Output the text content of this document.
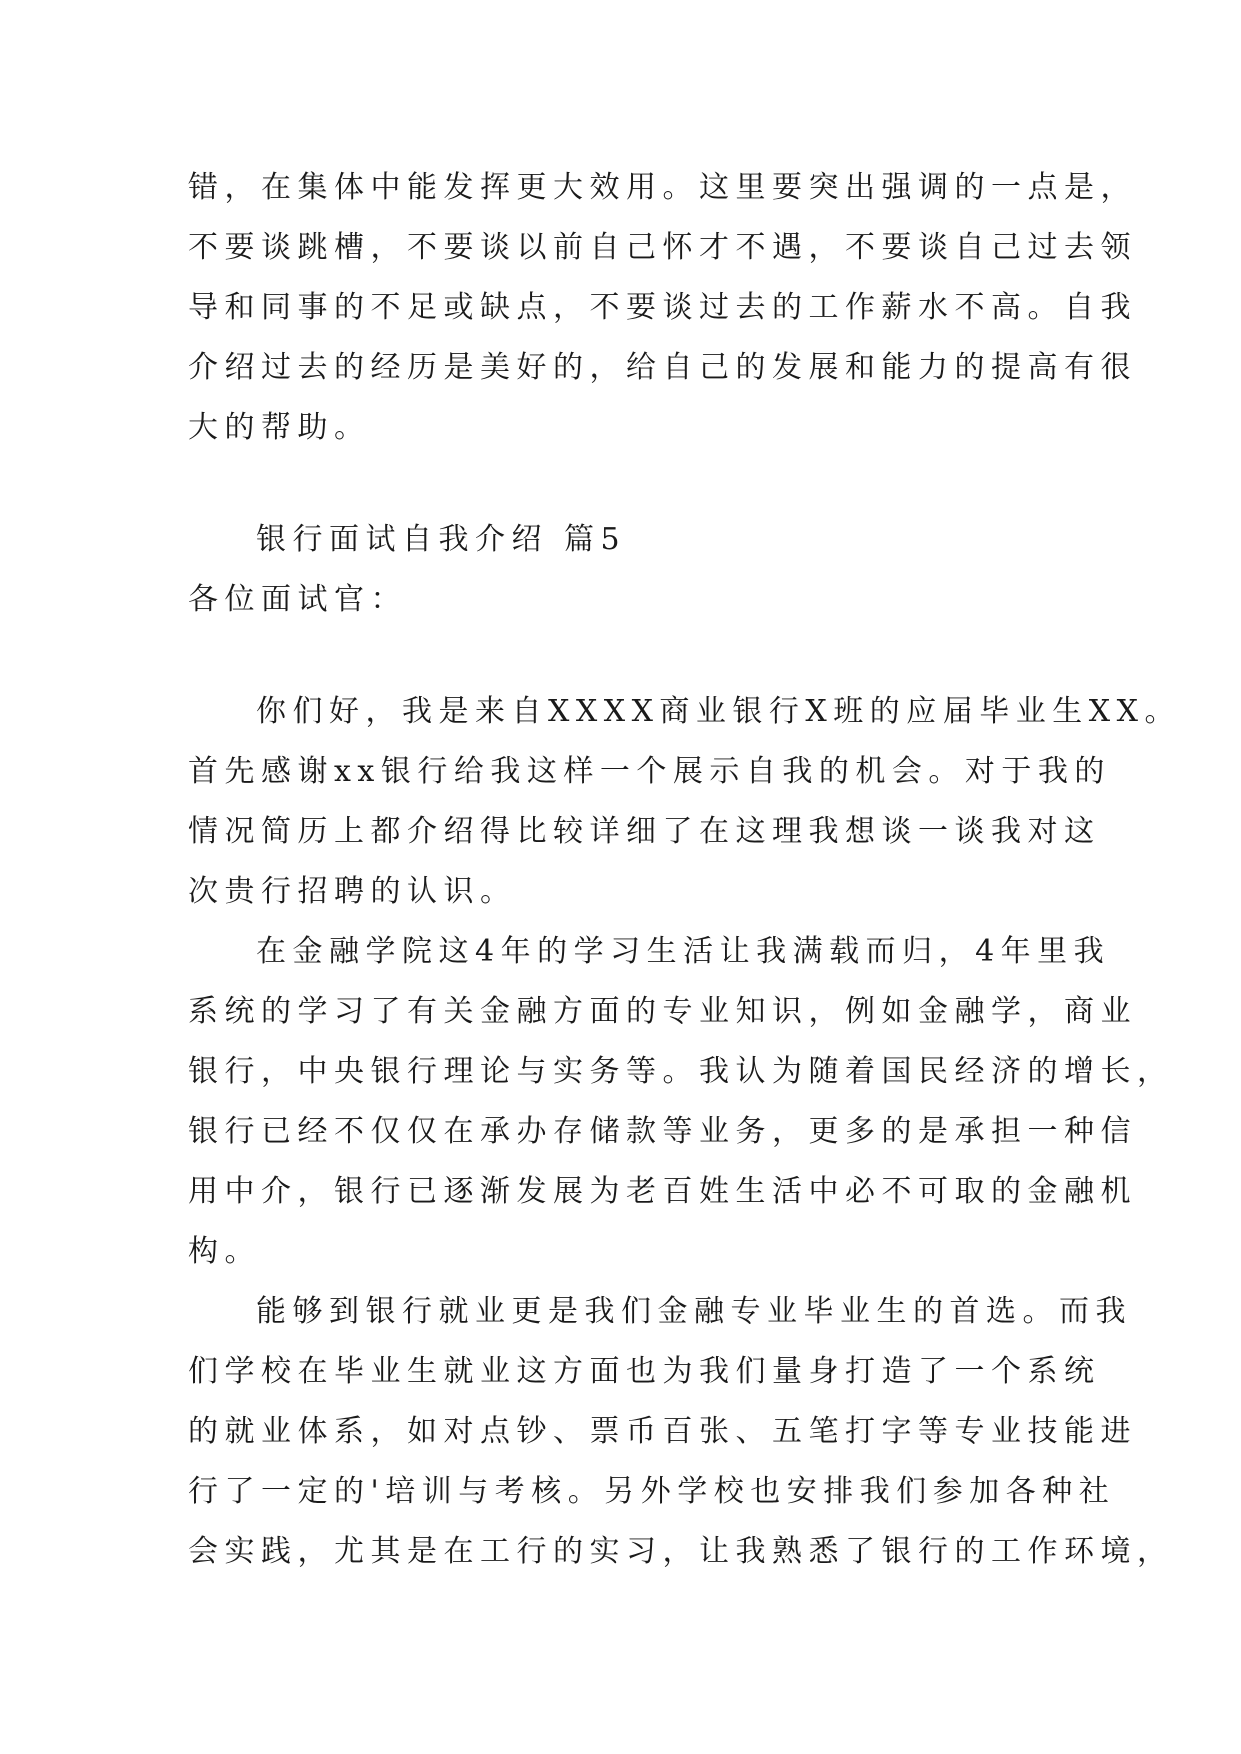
错，在集体中能发挥更大效用。这里要突出强调的一点是，
不要谈跳槽，不要谈以前自己怀才不遇，不要谈自己过去领
导和同事的不足或缺点，不要谈过去的工作薪水不高。自我
介绍过去的经历是美好的，给自己的发展和能力的提高有很
大的帮助。
银行面试自我介绍 篇5
各位面试官：
你们好，我是来自XXXX商业银行X班的应届毕业生XX。
首先感谢xx银行给我这样一个展示自我的机会。对于我的
情况简历上都介绍得比较详细了在这理我想谈一谈我对这
次贵行招聘的认识。
在金融学院这4年的学习生活让我满载而归，4年里我
系统的学习了有关金融方面的专业知识，例如金融学，商业
银行，中央银行理论与实务等。我认为随着国民经济的增长，
银行已经不仅仅在承办存储款等业务，更多的是承担一种信
用中介，银行已逐渐发展为老百姓生活中必不可取的金融机
构。
能够到银行就业更是我们金融专业毕业生的首选。而我
们学校在毕业生就业这方面也为我们量身打造了一个系统
的就业体系，如对点钞、票币百张、五笔打字等专业技能进
行了一定的'培训与考核。另外学校也安排我们参加各种社
会实践，尤其是在工行的实习，让我熟悉了银行的工作环境，
